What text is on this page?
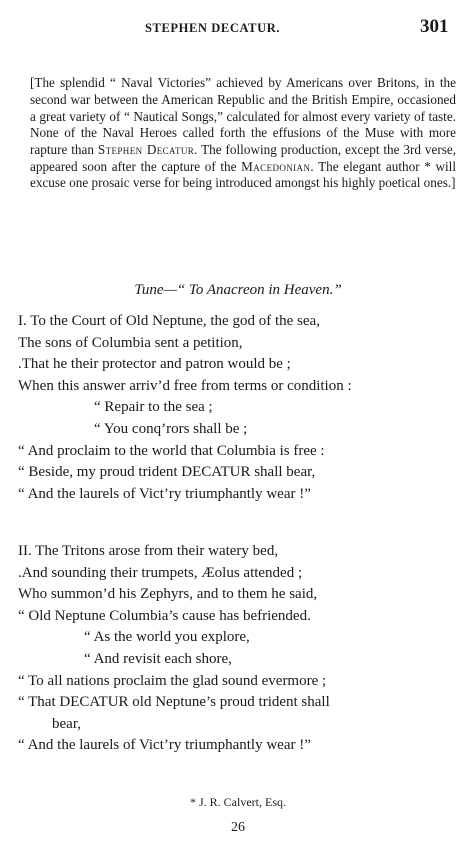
STEPHEN DECATUR.	301

[The splendid “ Naval Victories” achieved by Americans over Britons, in the second war between the American Republic and the British Empire, occasioned a great variety of “ Nautical Songs,” calculated for almost every variety of taste. None of the Naval Heroes called forth the effusions of the Muse with more rapture than Stephen Decatur. The following production, except the 3rd verse, appeared soon after the capture of the Macedonian. The elegant author * will excuse one prosaic verse for being introduced amongst his highly poetical ones.]

Tune—“ To Anacreon in Heaven.”
I. To the Court of Old Neptune, the god of the sea,
The sons of Columbia sent a petition,
.That he their protector and patron would be ;
When this answer arriv’d free from terms or condition :
“ Repair to the sea ;
“ You conq’rors shall be ;
“ And proclaim to the world that Columbia is free :
“ Beside, my proud trident DECATUR shall bear,
“ And the laurels of Vict’ry triumphantly wear !”
II. The Tritons arose from their watery bed,
.And sounding their trumpets, Æolus attended ;
Who summon’d his Zephyrs, and to them he said,
“ Old Neptune Columbia’s cause has befriended.
“ As the world you explore,
“ And revisit each shore,
“ To all nations proclaim the glad sound evermore ;
“ That DECATUR old Neptune’s proud trident shall
bear,
“ And the laurels of Vict’ry triumphantly wear !”
* J. R. Calvert, Esq.
26
